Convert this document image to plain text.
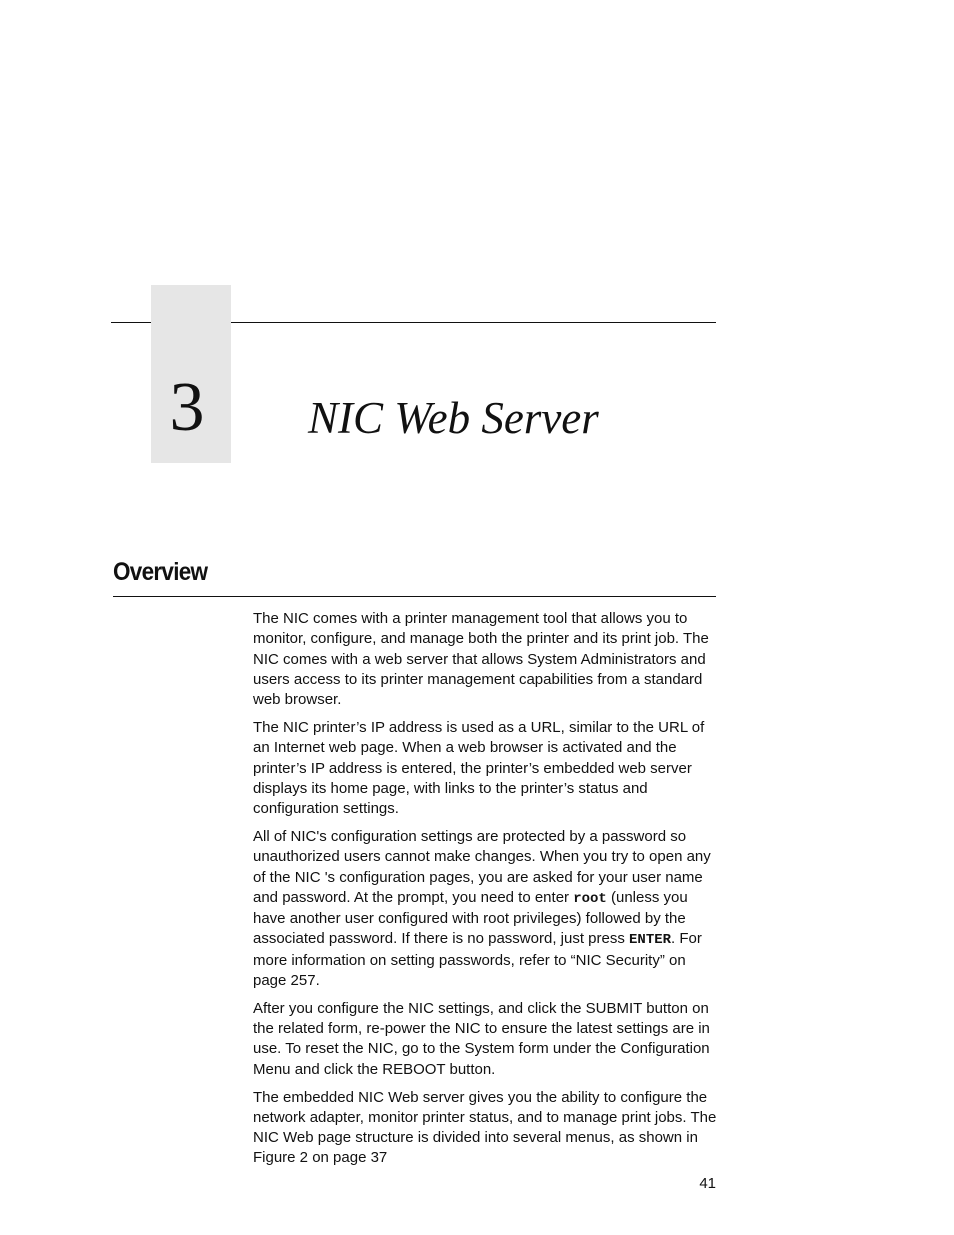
3	NIC Web Server
Overview

The NIC comes with a printer management tool that allows you to monitor, configure, and manage both the printer and its print job. The NIC comes with a web server that allows System Administrators and users access to its printer management capabilities from a standard web browser.

The NIC printer’s IP address is used as a URL, similar to the URL of an Internet web page. When a web browser is activated and the printer’s IP address is entered, the printer’s embedded web server displays its home page, with links to the printer’s status and configuration settings.

All of NIC's configuration settings are protected by a password so unauthorized users cannot make changes. When you try to open any of the NIC 's configuration pages, you are asked for your user name and password. At the prompt, you need to enter root (unless you have another user configured with root privileges) followed by the associated password. If there is no password, just press ENTER. For more information on setting passwords, refer to “NIC Security” on page 257.

After you configure the NIC settings, and click the SUBMIT button on the related form, re-power the NIC to ensure the latest settings are in use. To reset the NIC, go to the System form under the Configuration Menu and click the REBOOT button.

The embedded NIC Web server gives you the ability to configure the network adapter, monitor printer status, and to manage print jobs. The NIC Web page structure is divided into several menus, as shown in Figure 2 on page 37

41
